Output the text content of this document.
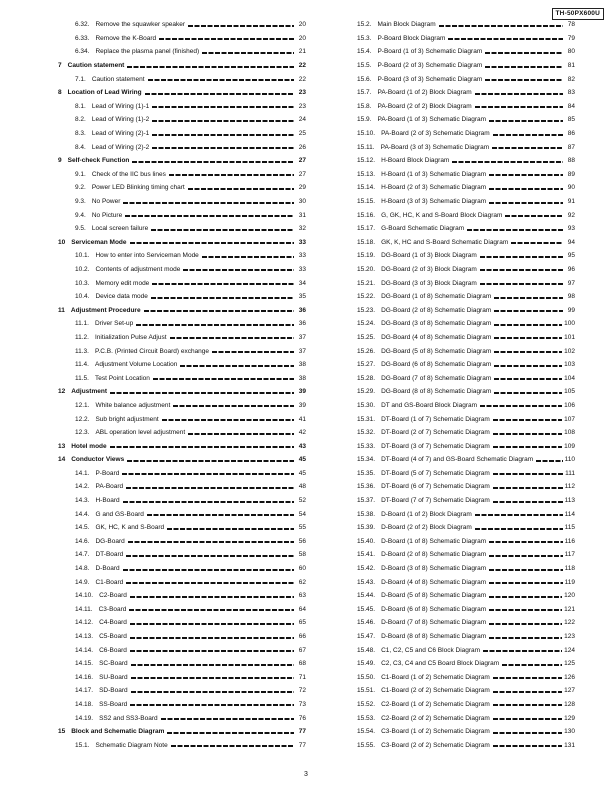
TH-50PX600U
6.32. Remove the squawker speaker	20
6.33. Remove the K-Board	20
6.34. Replace the plasma panel (finished)	21
7 Caution statement	22
7.1. Caution statement	22
8 Location of Lead Wiring	23
8.1. Lead of Wiring (1)-1	23
8.2. Lead of Wiring (1)-2	24
8.3. Lead of Wiring (2)-1	25
8.4. Lead of Wiring (2)-2	26
9 Self-check Function	27
9.1. Check of the IIC bus lines	27
9.2. Power LED Blinking timing chart	29
9.3. No Power	30
9.4. No Picture	31
9.5. Local screen failure	32
10 Serviceman Mode	33
10.1. How to enter into Serviceman Mode	33
10.2. Contents of adjustment mode	33
10.3. Memory edit mode	34
10.4. Device data mode	35
11 Adjustment Procedure	36
11.1. Driver Set-up	36
11.2. Initialization Pulse Adjust	37
11.3. P.C.B. (Printed Circuit Board) exchange	37
11.4. Adjustment Volume Location	38
11.5. Test Point Location	38
12 Adjustment	39
12.1. White balance adjustment	39
12.2. Sub bright adjustment	41
12.3. ABL operation level adjustment	42
13 Hotel mode	43
14 Conductor Views	45
14.1. P-Board	45
14.2. PA-Board	48
14.3. H-Board	52
14.4. G and GS-Board	54
14.5. GK, HC, K and S-Board	55
14.6. DG-Board	56
14.7. DT-Board	58
14.8. D-Board	60
14.9. C1-Board	62
14.10. C2-Board	63
14.11. C3-Board	64
14.12. C4-Board	65
14.13. C5-Board	66
14.14. C6-Board	67
14.15. SC-Board	68
14.16. SU-Board	71
14.17. SD-Board	72
14.18. SS-Board	73
14.19. SS2 and SS3-Board	76
15 Block and Schematic Diagram	77
15.1. Schematic Diagram Note	77
15.2. Main Block Diagram	78
15.3. P-Board Block Diagram	79
15.4. P-Board (1 of 3) Schematic Diagram	80
15.5. P-Board (2 of 3) Schematic Diagram	81
15.6. P-Board (3 of 3) Schematic Diagram	82
15.7. PA-Board (1 of 2) Block Diagram	83
15.8. PA-Board (2 of 2) Block Diagram	84
15.9. PA-Board (1 of 3) Schematic Diagram	85
15.10. PA-Board (2 of 3) Schematic Diagram	86
15.11. PA-Board (3 of 3) Schematic Diagram	87
15.12. H-Board Block Diagram	88
15.13. H-Board (1 of 3) Schematic Diagram	89
15.14. H-Board (2 of 3) Schematic Diagram	90
15.15. H-Board (3 of 3) Schematic Diagram	91
15.16. G, GK, HC, K and S-Board Block Diagram	92
15.17. G-Board Schematic Diagram	93
15.18. GK, K, HC and S-Board Schematic Diagram	94
15.19. DG-Board (1 of 3) Block Diagram	95
15.20. DG-Board (2 of 3) Block Diagram	96
15.21. DG-Board (3 of 3) Block Diagram	97
15.22. DG-Board (1 of 8) Schematic Diagram	98
15.23. DG-Board (2 of 8) Schematic Diagram	99
15.24. DG-Board (3 of 8) Schematic Diagram	100
15.25. DG-Board (4 of 8) Schematic Diagram	101
15.26. DG-Board (5 of 8) Schematic Diagram	102
15.27. DG-Board (6 of 8) Schematic Diagram	103
15.28. DG-Board (7 of 8) Schematic Diagram	104
15.29. DG-Board (8 of 8) Schematic Diagram	105
15.30. DT and GS-Board Block Diagram	106
15.31. DT-Board (1 of 7) Schematic Diagram	107
15.32. DT-Board (2 of 7) Schematic Diagram	108
15.33. DT-Board (3 of 7) Schematic Diagram	109
15.34. DT-Board (4 of 7) and GS-Board Schematic Diagram	110
15.35. DT-Board (5 of 7) Schematic Diagram	111
15.36. DT-Board (6 of 7) Schematic Diagram	112
15.37. DT-Board (7 of 7) Schematic Diagram	113
15.38. D-Board (1 of 2) Block Diagram	114
15.39. D-Board (2 of 2) Block Diagram	115
15.40. D-Board (1 of 8) Schematic Diagram	116
15.41. D-Board (2 of 8) Schematic Diagram	117
15.42. D-Board (3 of 8) Schematic Diagram	118
15.43. D-Board (4 of 8) Schematic Diagram	119
15.44. D-Board (5 of 8) Schematic Diagram	120
15.45. D-Board (6 of 8) Schematic Diagram	121
15.46. D-Board (7 of 8) Schematic Diagram	122
15.47. D-Board (8 of 8) Schematic Diagram	123
15.48. C1, C2, C5 and C6 Block Diagram	124
15.49. C2, C3, C4 and C5 Board Block Diagram	125
15.50. C1-Board (1 of 2) Schematic Diagram	126
15.51. C1-Board (2 of 2) Schematic Diagram	127
15.52. C2-Board (1 of 2) Schematic Diagram	128
15.53. C2-Board (2 of 2) Schematic Diagram	129
15.54. C3-Board (1 of 2) Schematic Diagram	130
15.55. C3-Board (2 of 2) Schematic Diagram	131
3
